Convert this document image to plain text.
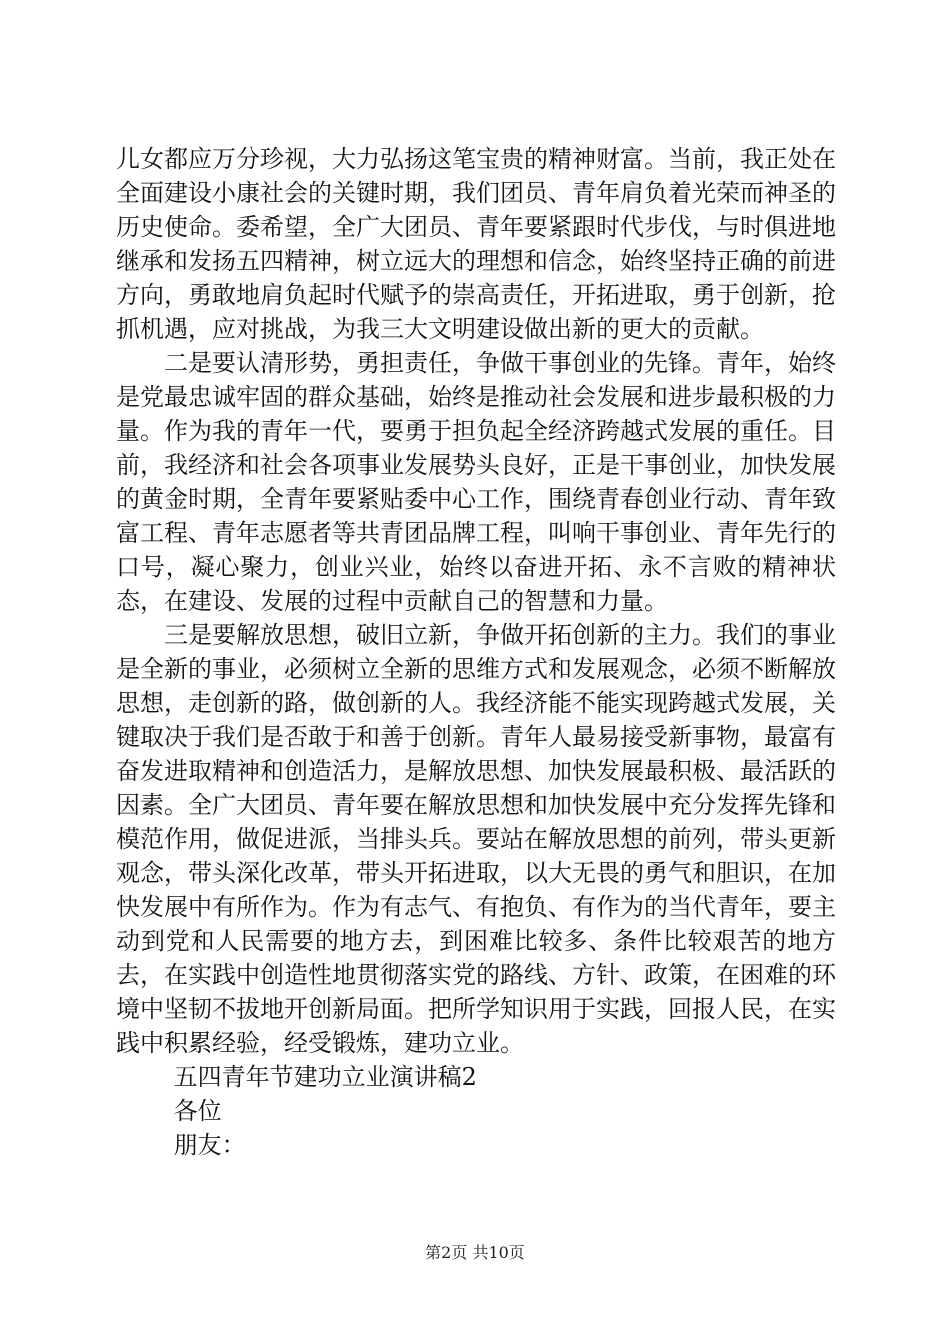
儿女都应万分珍视，大力弘扬这笔宝贵的精神财富。当前，我正处在全面建设小康社会的关键时期，我们团员、青年肩负着光荣而神圣的历史使命。委希望，全广大团员、青年要紧跟时代步伐，与时俱进地继承和发扬五四精神，树立远大的理想和信念，始终坚持正确的前进方向，勇敢地肩负起时代赋予的崇高责任，开拓进取，勇于创新，抢抓机遇，应对挑战，为我三大文明建设做出新的更大的贡献。

二是要认清形势，勇担责任，争做干事创业的先锋。青年，始终是党最忠诚牢固的群众基础，始终是推动社会发展和进步最积极的力量。作为我的青年一代，要勇于担负起全经济跨越式发展的重任。目前，我经济和社会各项事业发展势头良好，正是干事创业，加快发展的黄金时期，全青年要紧贴委中心工作，围绕青春创业行动、青年致富工程、青年志愿者等共青团品牌工程，叫响干事创业、青年先行的口号，凝心聚力，创业兴业，始终以奋进开拓、永不言败的精神状态，在建设、发展的过程中贡献自己的智慧和力量。

三是要解放思想，破旧立新，争做开拓创新的主力。我们的事业是全新的事业，必须树立全新的思维方式和发展观念，必须不断解放思想，走创新的路，做创新的人。我经济能不能实现跨越式发展，关键取决于我们是否敢于和善于创新。青年人最易接受新事物，最富有奋发进取精神和创造活力，是解放思想、加快发展最积极、最活跃的因素。全广大团员、青年要在解放思想和加快发展中充分发挥先锋和模范作用，做促进派，当排头兵。要站在解放思想的前列，带头更新观念，带头深化改革，带头开拓进取，以大无畏的勇气和胆识，在加快发展中有所作为。作为有志气、有抱负、有作为的当代青年，要主动到党和人民需要的地方去，到困难比较多、条件比较艰苦的地方去，在实践中创造性地贯彻落实党的路线、方针、政策，在困难的环境中坚韧不拔地开创新局面。把所学知识用于实践，回报人民，在实践中积累经验，经受锻炼，建功立业。

五四青年节建功立业演讲稿2

各位

朋友：

第2页 共10页
